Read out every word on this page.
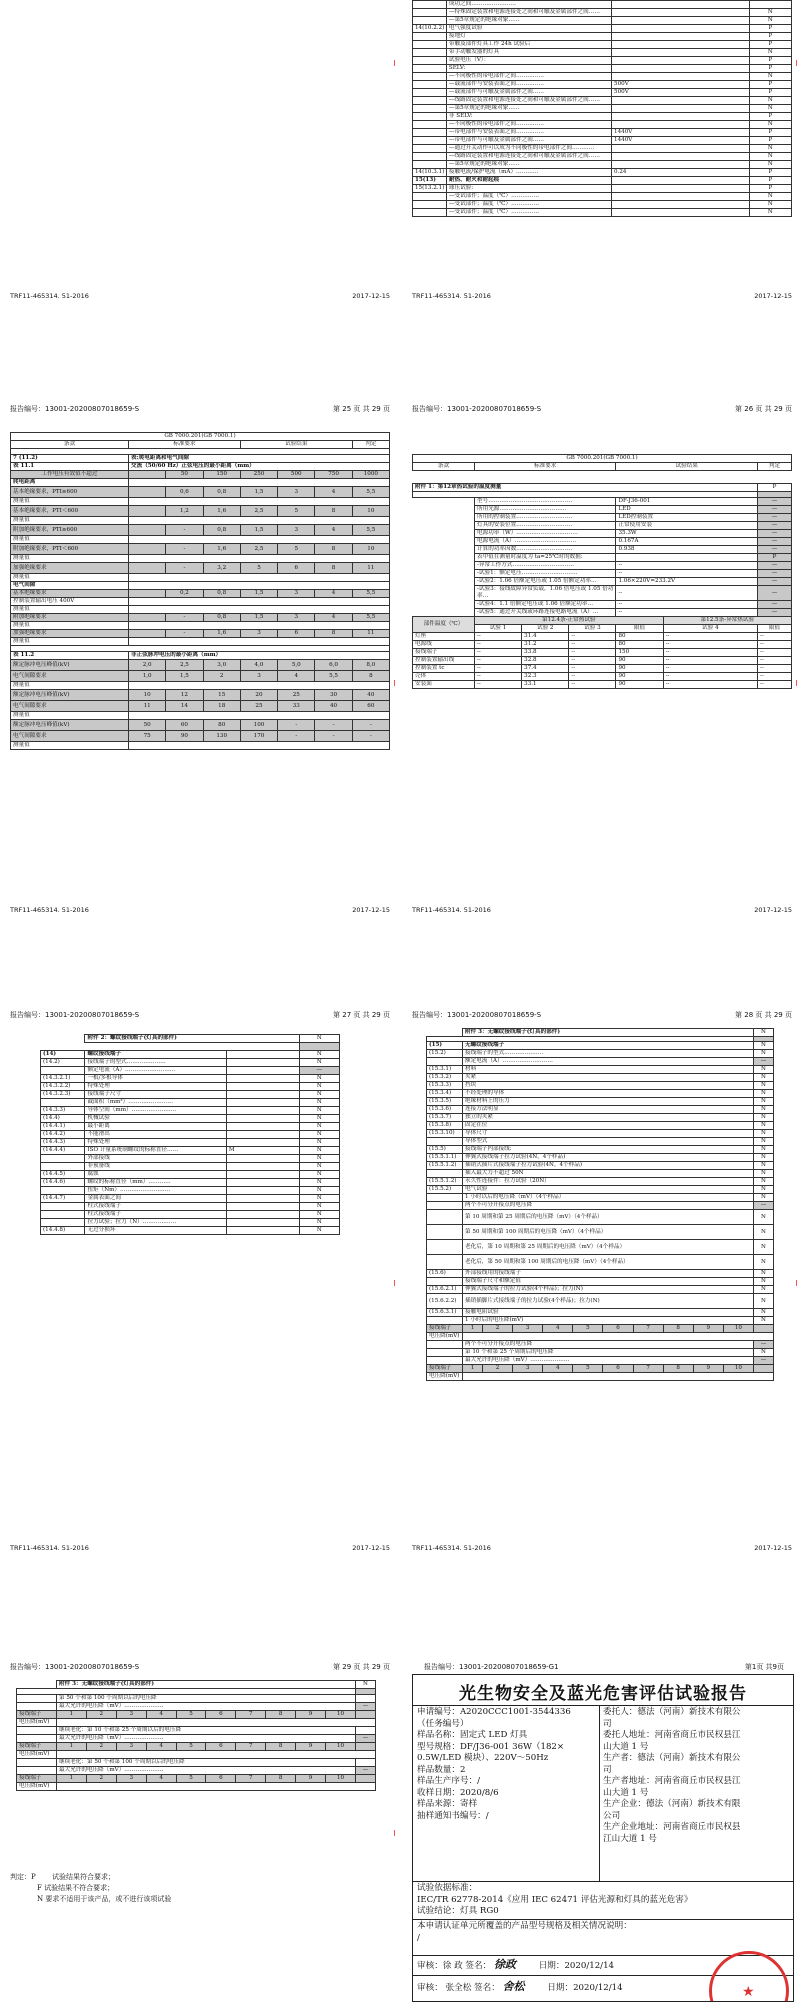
	成功之间……………………		
	—特殊固定装置和电源连接处之间和可触及金属部件之间……		N
	—第5章规定的绝缘对象……		N
14(10.2.2)	电气强度试验		P
	接地灯		P
	带触及部件灯具工作 24h 试验后		P
	带手动触发器的灯具		N
	试验电压（V）：		P
	SELV:		P
	—不同极性的带电部件之间……………		N
	—载流部件与安装表面之间……………	500V	P
	—载流部件与可触及金属部件之间……	500V	P
	—线路固定装置和电源连接处之间和可触及金属部件之间……		N
	—第5章规定的绝缘对象……		N
	非 SELV:		P
	—不同极性的带电部件之间……………		N
	—带电部件与安装表面之间……………	1440V	P
	—带电部件与可触及金属部件之间……	1440V	P
	—通过开关动作可以成为不同极性的带电部件之间…………		N
	—线路固定装置和电源连接处之间和可触及金属部件之间……		N
	—第5章规定的绝缘对象……		N
14(10.3.1)	接触电流/保护电流（mA）…………	0.24	P
15(13)	耐热、耐火和耐起痕		P
15(13.2.1)	球压试验:		P
	—受试部件；温度（℃）……………		N
	—受试部件；温度（℃）……………		N
	—受试部件；温度（℃）……………		N
TRF11-465314. 51-2016	2017-12-15
TRF11-465314. 51-2016	2017-12-15
报告编号：13001-20200807018659-S	第 25 页 共 29 页
GB 7000.201(GB 7000.1)							
条款	标准要求			试验结果			判定

7 (11.2)	表:爬电距离和电气间隙						
表 11.1	交流（50/60 Hz）正弦电压的最小距离（mm）						
工作电压有效值不超过		50	150	250	500	750	1000
爬电距离							
基本绝缘要求，PTI≥600		0,6	0,8	1,5	3	4	5,5
测量值							
基本绝缘要求，PTI＜600		1,2	1,6	2,5	5	8	10
测量值							
附加绝缘要求，PTI≥600		-	0,8	1,5	3	4	5,5
测量值							
附加绝缘要求，PTI＜600		-	1,6	2,5	5	8	10
测量值							
加强绝缘要求		-	3,2	5	6	8	11
测量值							
电气间隙							
基本绝缘要求		0,2	0,8	1,5	3	4	5,5
控制装置输出电压 400V							
测量值							
附加绝缘要求		-	0,8	1,5	3	4	5,5
测量值							
加强绝缘要求		-	1,6	3	6	8	11
测量值							

表 11.2	非正弦脉冲电压的最小距离（mm）						
额定脉冲电压峰值(kV)	2,0	2,5	3,0	4,0	5,0	6,0	8,0
电气间隙要求	1,0	1,5	2	3	4	5,5	8
测量值							
额定脉冲电压峰值(kV)	10	12	15	20	25	30	40
电气间隙要求	11	14	18	25	33	40	60
测量值							
额定脉冲电压峰值(kV)	50	60	80	100	-	-	-
电气间隙要求	75	90	130	170	-	-	-
测量值							
TRF11-465314. 51-2016	2017-12-15
报告编号：13001-20200807018659-S	第 26 页 共 29 页
GB 7000.201(GB 7000.1)
条款	标准要求	试验结果	判定
附件 1：第12章热试验的温度测量						P

	型号………………………………………			DF-J36-001		—
	所用光源………………………………			LED		—
	所用的控制装置…………………………			LED控制装置		—
	灯具的安装位置…………………………			正常使用安装		—
	电源功率（W）……………………………			35.3W		—
	电源电流（A）……………………………			0.167A		—
	计算的功率因数…………………………			0.938		—
	表中值在测量时温度为 ta=25℃时的数据:					P
	-异常工作方式……………………………			--		—
	-试验1：额定电压…………………………			--		—
	-试验2：1.06 倍额定电压或 1.05 倍额定功率…			1.06×220V=233.2V		—
	-试验3：接线故障异常负载，1.06 倍电压或 1.05 倍功率…			--		—
	-试验4：1.1 倍额定电压或 1.06 倍额定功率…			--		—
	-试验5：通过开关线或环路连接电路电流（A）…			--		—
部件温度（℃）	第12.4条-正常热试验				第12.5条-异常热试验	
	试验 1	试验 2	试验 3	限值	试验 4	限值
灯座	--	31.4	--	80	--	--
电源线	--	31.2	--	80	--	--
接线端子	--	33.8	--	150	--	--
控制装置输出线	--	32.8	--	90	--	--
控制装置 tc	--	37.4	--	90	--	--
壳体	--	32.3	--	90	--	--
安装面	--	33.1	--	90	--	--
TRF11-465314. 51-2016	2017-12-15
报告编号：13001-20200807018659-S	第 27 页 共 29 页
	附件 2：螺纹接线端子(灯具的部件)		N

(14)	螺纹接线端子		N
(14.2)	接线端子的型式…………………		N
	额定电流（A）………………………		—
(14.3.2.1)	一根/多根导体		N
(14.3.2.2)	特殊处理		N
(14.3.2.3)	接线端子尺寸		N
	截面积（mm²）……………………		N
(14.3.3)	导体空间（mm）……………………		N
(14.4)	机械试验		N
(14.4.1)	最小距离		N
(14.4.2)	不能滑出		N
(14.4.3)	特殊处理		N
(14.4.4)	ISO 计量系统制螺纹的标称直径……	M	N
	外部接线		N
	非预备线		N
(14.4.5)	腐蚀		N
(14.4.6)	螺纹的标称直径（mm）…………		N
	扭矩（Nm）………………………		N
(14.4.7)	金属表面之间		N
	柱式接线端子		N
	柱式接线端子		N
	拉力试验；拉力（N）………………		N
(14.4.8)	无过分损坏		N
TRF11-465314. 51-2016	2017-12-15
报告编号：13001-20200807018659-S	第 28 页 共 29 页
	附件 3：无螺纹接线端子(灯具的部件)										N

(15)	无螺纹接线端子										N
(15.2)	接线端子的型式…………………										N
	额定电流（A）………………………										—
(15.3.1)	材料										N
(15.3.2)	夹紧										N
(15.3.3)	挡块										N
(15.3.4)	不经处理的导体										N
(15.3.5)	绝缘材料上的压力										N
(15.3.6)	连接方法明显										N
(15.3.7)	独立的夹紧										N
(15.3.8)	固定在位										N
(15.3.10)	导体尺寸										N
	导体型式										N
(15.5)	接线端子内部接线:										N
(15.5.1.1)	伸翼式接线端子拉力试验(4N，4个样品)										N
(15.5.1.2)	插销式插片式接线端子拉力试验(4N，4个样品)										N
	插入最大力不超过 50N										N
(15.5.1.2)	永久性连接件：拉力试验（20N）										N
(15.5.2)	电气试验										N
	1 小时以后的电压降（mV）（4个样品）										N
	两个不可分开接点的电压降										—
	第 10 周期和第 25 周期后的电压降（mV）（4个样品）										N
	第 50 周期和第 100 周期后的电压降（mV）（4个样品）										N
	老化后，第 10 周期和第 25 周期后的电压降（mV）（4个样品）										N
	老化后，第 50 周期和第 100 周期后的电压降（mV）（4个样品）										N
(15.6)	外部接线用的接线端子										N
	接线端子尺寸和额定值										N
(15.6.2.1)	伸翼式接线端子的拉力试验(4个样品)；拉力(N)										N
(15.6.2.2)	插销插脚片式接线端子的拉力试验(4个样品)；拉力(N)										N
(15.6.3.1)	接触电阻试验										N
	1 小时后的电压降(mV)										N
接线端子	1	2	3	4	5	6	7	8	9	10	
电压降(mV)											
	两个不可分开接点的电压降										—
	第 10 个和第 25 个周期后的电压降										N
	最大允许的电压降（mV）…………………										—
接线端子	1	2	3	4	5	6	7	8	9	10	
电压降(mV)											
TRF11-465314. 51-2016	2017-12-15
报告编号：13001-20200807018659-S	第 29 页 共 29 页
	附件 3：无螺纹接线端子(灯具的部件)										N

	第 50 个和第 100 个周期以后的电压降										
	最大允许的电压降（mV）…………………										—
接线端子	1	2	3	4	5	6	7	8	9	10	
电压降(mV)											
	继续老化：第 10 个和第 25 个周期以后的电压降										
	最大允许的电压降（mV）…………………										—
接线端子	1	2	3	4	5	6	7	8	9	10	
电压降(mV)											
	继续老化：第 50 个和第 100 个周期以后的电压降										
	最大允许的电压降（mV）…………………										—
接线端子	1	2	3	4	5	6	7	8	9	10	
电压降(mV)											
判定：P 试验结果符合要求；
F 试验结果不符合要求；
N 要求不适用于该产品，或不进行该项试验
报告编号：13001-20200807018659-G1	第1页 共9页
光生物安全及蓝光危害评估试验报告
申请编号：A2020CCC1001-3544336
（任务编号）
样品名称：固定式 LED 灯具
型号规格：DF/J36-001 36W（182×
0.5W/LED 模块）、220V～50Hz
样品数量：2
样品生产序号：/
收样日期：2020/8/6
样品来源：寄样
抽样通知书编号：/
委托人：德法（河南）新技术有限公
司
委托人地址：河南省商丘市民权县江
山大道 1 号
生产者：德法（河南）新技术有限公
司
生产者地址：河南省商丘市民权县江
山大道 1 号
生产企业：德法（河南）新技术有限
公司
生产企业地址：河南省商丘市民权县
江山大道 1 号
试验依据标准：
IEC/TR 62778-2014《应用 IEC 62471 评估光源和灯具的蓝光危害》
试验结论：灯具 RG0
本申请认证单元所覆盖的产品型号规格及相关情况说明：
/
审核：徐 政 签名： 徐政	日期：2020/12/14
审核： 张全松 签名： 舍松	日期：2020/12/14	★
